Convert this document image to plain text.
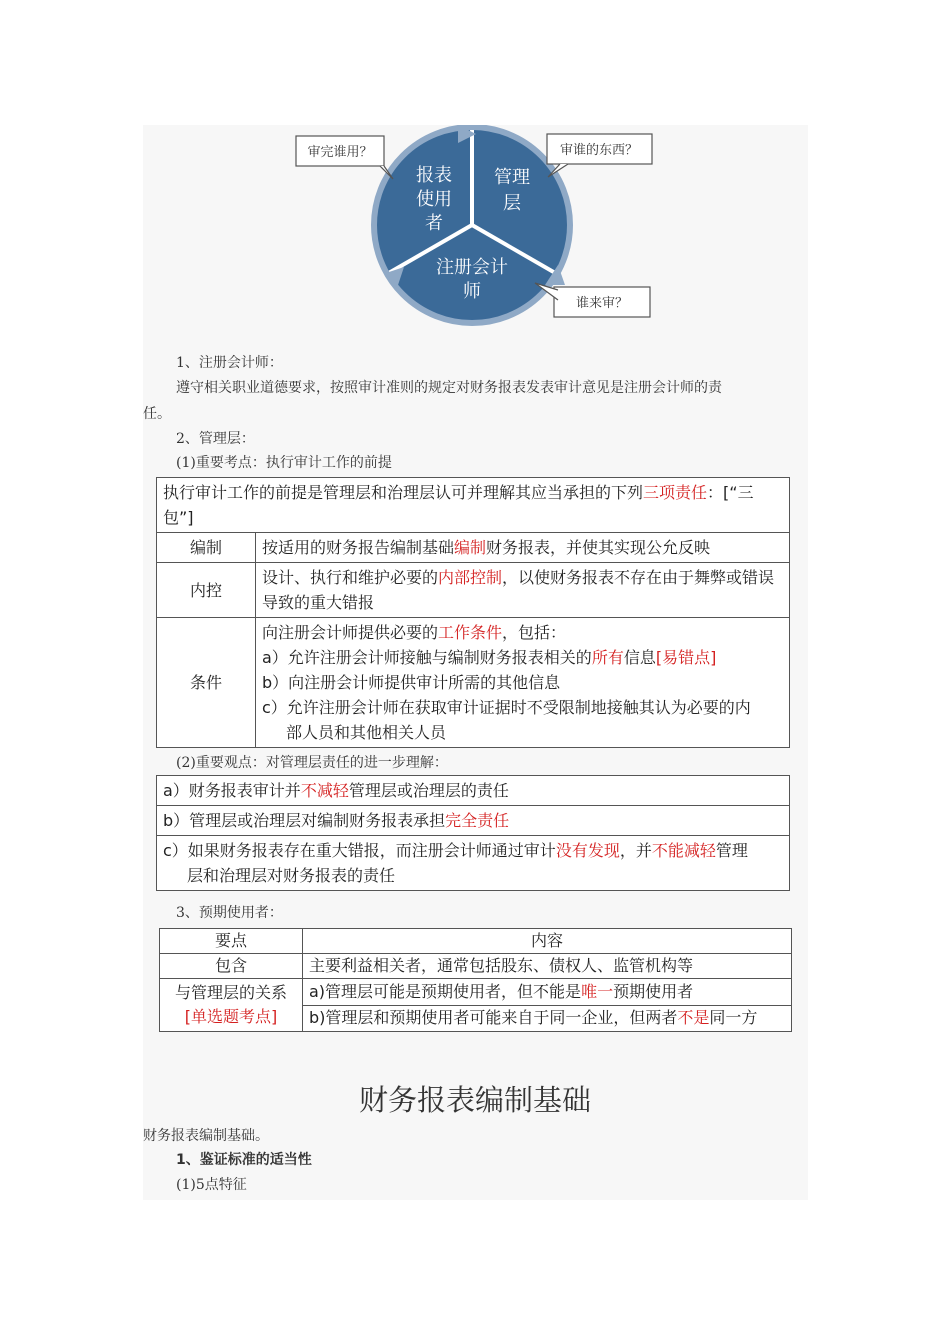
报表
使用
者
管理
层
注册会计
师
审完谁用？	审谁的东西？
谁来审？
1、注册会计师：
遵守相关职业道德要求，按照审计准则的规定对财务报表发表审计意见是注册会计师的责
任。
2、管理层：
(1)重要考点：执行审计工作的前提
执行审计工作的前提是管理层和治理层认可并理解其应当承担的下列三项责任：[“三包”]	
编制	按适用的财务报告编制基础编制财务报表，并使其实现公允反映
内控	设计、执行和维护必要的内部控制，以使财务报表不存在由于舞弊或错误导致的重大错报
条件	向注册会计师提供必要的工作条件，包括：
a）允许注册会计师接触与编制财务报表相关的所有信息[易错点]
b）向注册会计师提供审计所需的其他信息
c）允许注册会计师在获取审计证据时不受限制地接触其认为必要的内
部人员和其他相关人员
(2)重要观点：对管理层责任的进一步理解：
a）财务报表审计并不减轻管理层或治理层的责任
b）管理层或治理层对编制财务报表承担完全责任

c）如果财务报表存在重大错报，而注册会计师通过审计没有发现，并不能减轻管理
层和治理层对财务报表的责任
3、预期使用者：
要点	内容
包含	主要利益相关者，通常包括股东、债权人、监管机构等

与管理层的关系
[单选题考点]	a)管理层可能是预期使用者，但不能是唯一预期使用者
	b)管理层和预期使用者可能来自于同一企业，但两者不是同一方
财务报表编制基础
财务报表编制基础。
1、鉴证标准的适当性
(1)5点特征
